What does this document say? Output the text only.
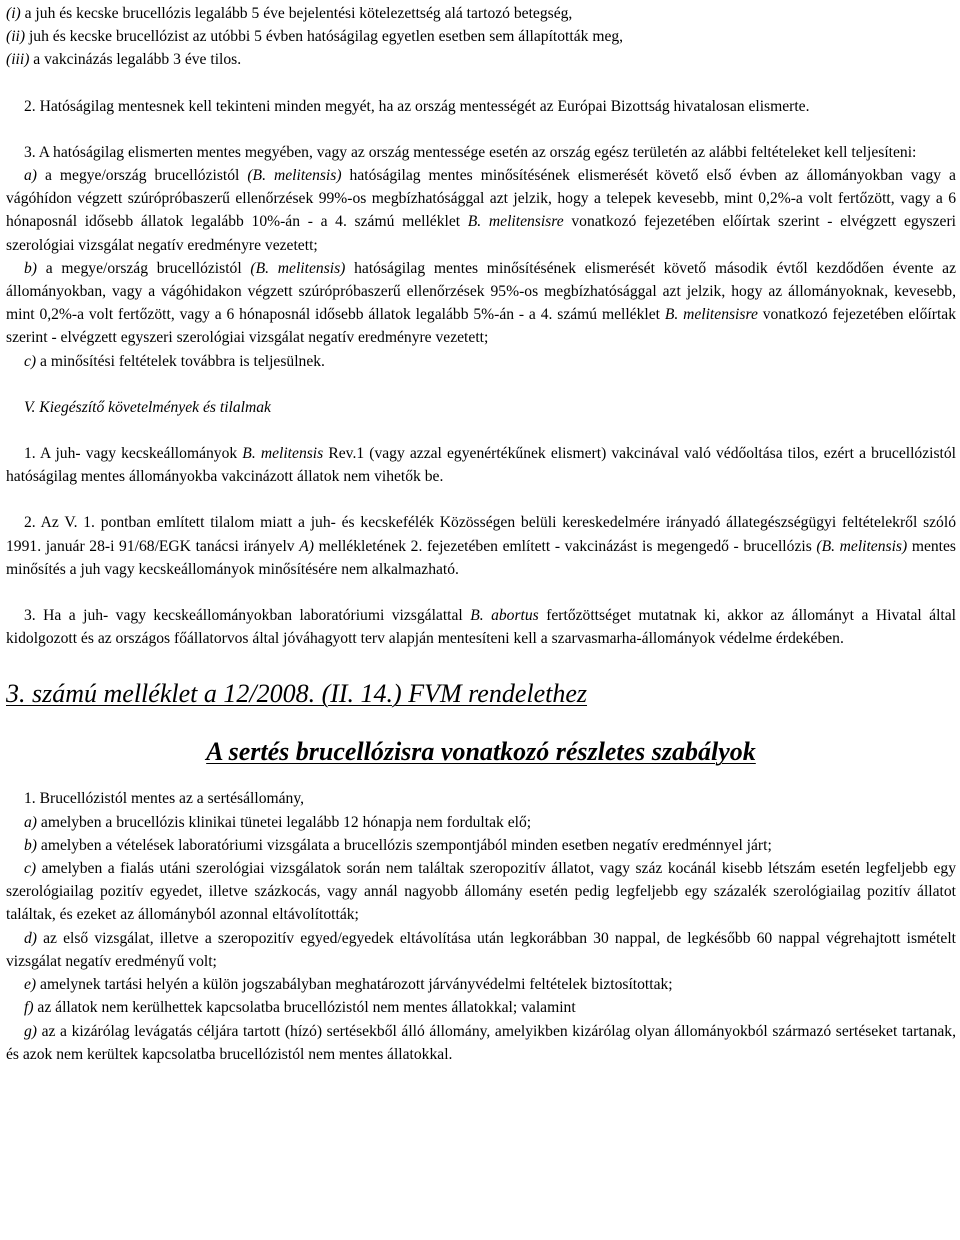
(i) a juh és kecske brucellózis legalább 5 éve bejelentési kötelezettség alá tartozó betegség,

(ii) juh és kecske brucellózist az utóbbi 5 évben hatóságilag egyetlen esetben sem állapították meg,

(iii) a vakcinázás legalább 3 éve tilos.

2. Hatóságilag mentesnek kell tekinteni minden megyét, ha az ország mentességét az Európai Bizottság hivatalosan elismerte.

3. A hatóságilag elismerten mentes megyében, vagy az ország mentessége esetén az ország egész területén az alábbi feltételeket kell teljesíteni:

a) a megye/ország brucellózistól (B. melitensis) hatóságilag mentes minősítésének elismerését követő első évben az állományokban vagy a vágóhídon végzett szúrópróbaszerű ellenőrzések 99%-os megbízhatósággal azt jelzik, hogy a telepek kevesebb, mint 0,2%-a volt fertőzött, vagy a 6 hónaposnál idősebb állatok legalább 10%-án - a 4. számú melléklet B. melitensisre vonatkozó fejezetében előírtak szerint - elvégzett egyszeri szerológiai vizsgálat negatív eredményre vezetett;

b) a megye/ország brucellózistól (B. melitensis) hatóságilag mentes minősítésének elismerését követő második évtől kezdődően évente az állományokban, vagy a vágóhidakon végzett szúrópróbaszerű ellenőrzések 95%-os megbízhatósággal azt jelzik, hogy az állományoknak, kevesebb, mint 0,2%-a volt fertőzött, vagy a 6 hónaposnál idősebb állatok legalább 5%-án - a 4. számú melléklet B. melitensisre vonatkozó fejezetében előírtak szerint - elvégzett egyszeri szerológiai vizsgálat negatív eredményre vezetett;

c) a minősítési feltételek továbbra is teljesülnek.

V. Kiegészítő követelmények és tilalmak

1. A juh- vagy kecskeállományok B. melitensis Rev.1 (vagy azzal egyenértékűnek elismert) vakcinával való védőoltása tilos, ezért a brucellózistól hatóságilag mentes állományokba vakcinázott állatok nem vihetők be.

2. Az V. 1. pontban említett tilalom miatt a juh- és kecskefélék Közösségen belüli kereskedelmére irányadó állategészségügyi feltételekről szóló 1991. január 28-i 91/68/EGK tanácsi irányelv A) mellékletének 2. fejezetében említett - vakcinázást is megengedő - brucellózis (B. melitensis) mentes minősítés a juh vagy kecskeállományok minősítésére nem alkalmazható.

3. Ha a juh- vagy kecskeállományokban laboratóriumi vizsgálattal B. abortus fertőzöttséget mutatnak ki, akkor az állományt a Hivatal által kidolgozott és az országos főállatorvos által jóváhagyott terv alapján mentesíteni kell a szarvasmarha-állományok védelme érdekében.

3. számú melléklet a 12/2008. (II. 14.) FVM rendelethez

A sertés brucellózisra vonatkozó részletes szabályok

1. Brucellózistól mentes az a sertésállomány,

a) amelyben a brucellózis klinikai tünetei legalább 12 hónapja nem fordultak elő;

b) amelyben a vételések laboratóriumi vizsgálata a brucellózis szempontjából minden esetben negatív eredménnyel járt;

c) amelyben a fialás utáni szerológiai vizsgálatok során nem találtak szeropozitív állatot, vagy száz kocánál kisebb létszám esetén legfeljebb egy szerológiailag pozitív egyedet, illetve százkocás, vagy annál nagyobb állomány esetén pedig legfeljebb egy százalék szerológiailag pozitív állatot találtak, és ezeket az állományból azonnal eltávolították;

d) az első vizsgálat, illetve a szeropozitív egyed/egyedek eltávolítása után legkorábban 30 nappal, de legkésőbb 60 nappal végrehajtott ismételt vizsgálat negatív eredményű volt;

e) amelynek tartási helyén a külön jogszabályban meghatározott járványvédelmi feltételek biztosítottak;

f) az állatok nem kerülhettek kapcsolatba brucellózistól nem mentes állatokkal; valamint

g) az a kizárólag levágatás céljára tartott (hízó) sertésekből álló állomány, amelyikben kizárólag olyan állományokból származó sertéseket tartanak, és azok nem kerültek kapcsolatba brucellózistól nem mentes állatokkal.
